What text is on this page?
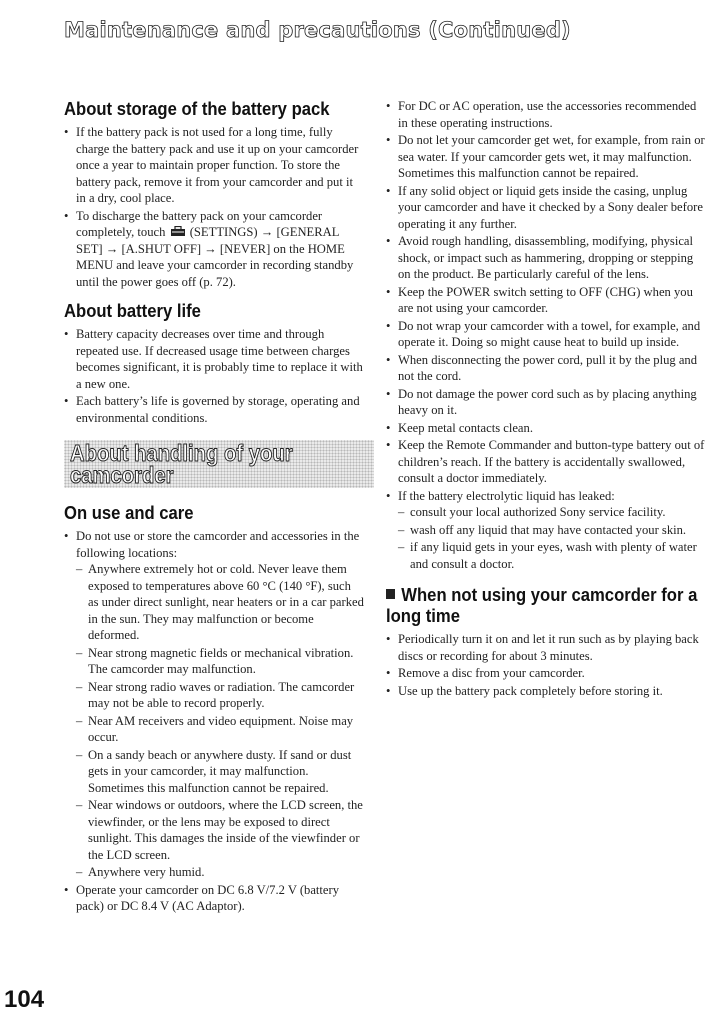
Maintenance and precautions (Continued)
About storage of the battery pack
• If the battery pack is not used for a long time, fully charge the battery pack and use it up on your camcorder once a year to maintain proper function. To store the battery pack, remove it from your camcorder and put it in a dry, cool place.
• To discharge the battery pack on your camcorder completely, touch (SETTINGS) → [GENERAL SET] → [A.SHUT OFF] → [NEVER] on the HOME MENU and leave your camcorder in recording standby until the power goes off (p. 72).
About battery life
• Battery capacity decreases over time and through repeated use. If decreased usage time between charges becomes significant, it is probably time to replace it with a new one.
• Each battery’s life is governed by storage, operating and environmental conditions.
About handling of your
camcorder
On use and care
• Do not use or store the camcorder and accessories in the following locations:
– Anywhere extremely hot or cold. Never leave them exposed to temperatures above 60 °C (140 °F), such as under direct sunlight, near heaters or in a car parked in the sun. They may malfunction or become deformed.
– Near strong magnetic fields or mechanical vibration. The camcorder may malfunction.
– Near strong radio waves or radiation. The camcorder may not be able to record properly.
– Near AM receivers and video equipment. Noise may occur.
– On a sandy beach or anywhere dusty. If sand or dust gets in your camcorder, it may malfunction. Sometimes this malfunction cannot be repaired.
– Near windows or outdoors, where the LCD screen, the viewfinder, or the lens may be exposed to direct sunlight. This damages the inside of the viewfinder or the LCD screen.
– Anywhere very humid.
• Operate your camcorder on DC 6.8 V/7.2 V (battery pack) or DC 8.4 V (AC Adaptor).
• For DC or AC operation, use the accessories recommended in these operating instructions.
• Do not let your camcorder get wet, for example, from rain or sea water. If your camcorder gets wet, it may malfunction. Sometimes this malfunction cannot be repaired.
• If any solid object or liquid gets inside the casing, unplug your camcorder and have it checked by a Sony dealer before operating it any further.
• Avoid rough handling, disassembling, modifying, physical shock, or impact such as hammering, dropping or stepping on the product. Be particularly careful of the lens.
• Keep the POWER switch setting to OFF (CHG) when you are not using your camcorder.
• Do not wrap your camcorder with a towel, for example, and operate it. Doing so might cause heat to build up inside.
• When disconnecting the power cord, pull it by the plug and not the cord.
• Do not damage the power cord such as by placing anything heavy on it.
• Keep metal contacts clean.
• Keep the Remote Commander and button-type battery out of children’s reach. If the battery is accidentally swallowed, consult a doctor immediately.
• If the battery electrolytic liquid has leaked:
– consult your local authorized Sony service facility.
– wash off any liquid that may have contacted your skin.
– if any liquid gets in your eyes, wash with plenty of water and consult a doctor.
When not using your camcorder for a long time
• Periodically turn it on and let it run such as by playing back discs or recording for about 3 minutes.
• Remove a disc from your camcorder.
• Use up the battery pack completely before storing it.
104
